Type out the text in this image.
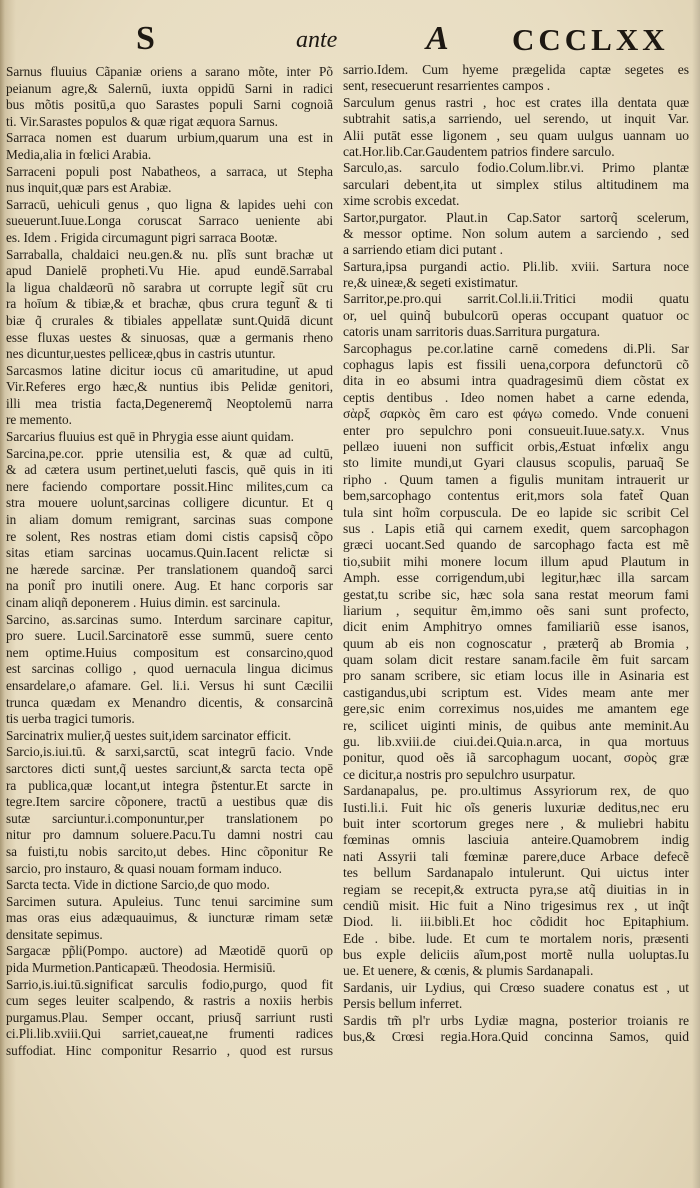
S	ante	A CCCLXX
Sarnus fluuius Cãpaniæ oriens a sarano mõte, inter Põ
peianum agre,& Salernū, iuxta oppidū Sarni in radici
bus mõtis positū,a quo Sarastes populi Sarni cognoiã
ti. Vir.Sarastes populos & quæ rigat æquora Sarnus.
Sarraca nomen est duarum urbium,quarum una est in
Media,alia in fœlici Arabia.
Sarraceni populi post Nabatheos, a sarraca, ut Stepha
nus inquit,quæ pars est Arabiæ.
Sarracū, uehiculi genus , quo ligna & lapides uehi con
sueuerunt.Iuue.Longa coruscat Sarraco ueniente abi
es. Idem . Frigida circumagunt pigri sarraca Bootæ.
Sarraballa, chaldaici neu.gen.& nu. plĩs sunt brachæ ut
apud Danielē propheti.Vu Hie. apud eundē.Sarrabal
la ligua chaldæorū nõ sarabra ut corrupte legit̃ sūt cru
ra hoīum & tibiæ,& et brachæ, qbus crura tegunt̃ & ti
biæ q̃ crurales & tibiales appellatæ sunt.Quidā dicunt
esse fluxas uestes & sinuosas, quæ a germanis rheno
nes dicuntur,uestes pelliceæ,qbus in castris utuntur.
Sarcasmos latine dicitur iocus cū amaritudine, ut apud
Vir.Referes ergo hæc,& nuntius ibis Pelidæ genitori,
illi mea tristia facta,Degeneremq̃ Neoptolemū narra
re memento.
Sarcarius fluuius est quē in Phrygia esse aiunt quidam.
Sarcina,pe.cor. pprie utensilia est, & quæ ad cultū,
& ad cætera usum pertinet,ueluti fascis, quē quis in iti
nere faciendo comportare possit.Hinc milites,cum ca
stra mouere uolunt,sarcinas colligere dicuntur. Et q
in aliam domum remigrant, sarcinas suas compone
re solent, Res nostras etiam domi cistis capsisq̃ cõpo
sitas etiam sarcinas uocamus.Quin.Iacent relictæ si
ne hærede sarcinæ. Per translationem quandoq̃ sarci
na ponit̃ pro inutili onere. Aug. Et hanc corporis sar
cinam aliqñ deponerem . Huius dimin. est sarcinula.
Sarcino, as.sarcinas sumo. Interdum sarcinare capitur,
pro suere. Lucil.Sarcinatorē esse summū, suere cento
nem optime.Huius compositum est consarcino,quod
est sarcinas colligo , quod uernacula lingua dicimus
ensardelare,o afamare. Gel. li.i. Versus hi sunt Cæcilii
trunca quædam ex Menandro dicentis, & consarcinã
tis uerba tragici tumoris.
Sarcinatrix mulier,q̃ uestes suit,idem sarcinator efficit.
Sarcio,is.iui.tū. & sarxi,sarctū, scat integrū facio. Vnde
sarctores dicti sunt,q̃ uestes sarciunt,& sarcta tecta opē
ra publica,quæ locant,ut integra p̃stentur.Et sarcte in
tegre.Item sarcire cõponere, tractū a uestibus quæ dis
sutæ sarciuntur.i.componuntur,per translationem po
nitur pro damnum soluere.Pacu.Tu damni nostri cau
sa fuisti,tu nobis sarcito,ut debes. Hinc cõponitur Re
sarcio, pro instauro, & quasi nouam formam induco.
Sarcta tecta. Vide in dictione Sarcio,de quo modo.
Sarcimen sutura. Apuleius. Tunc tenui sarcimine sum
mas oras eius adæquauimus, & iuncturæ rimam setæ
densitate sepimus.
Sargacæ pp̃li(Pompo. auctore) ad Mæotidē quorū op
pida Murmetion.Panticapæū. Theodosia. Hermisiū.
Sarrio,is.iui.tū.significat sarculis fodio,purgo, quod fit
cum seges leuiter scalpendo, & rastris a noxiis herbis
purgamus.Plau. Semper occant, priusq̃ sarriunt rusti
ci.Pli.lib.xviii.Qui sarriet,caueat,ne frumenti radices
suffodiat. Hinc componitur Resarrio , quod est rursus
sarrio.Idem. Cum hyeme prægelida captæ segetes es
sent, resecuerunt resarrientes campos .
Sarculum genus rastri , hoc est crates illa dentata quæ
subtrahit satis,a sarriendo, uel serendo, ut inquit Var.
Alii putāt esse ligonem , seu quam uulgus uannam uo
cat.Hor.lib.Car.Gaudentem patrios findere sarculo.
Sarculo,as. sarculo fodio.Colum.libr.vi. Primo plantæ
sarculari debent,ita ut simplex stilus altitudinem ma
xime scrobis excedat.
Sartor,purgator. Plaut.in Cap.Sator sartorq̃ scelerum,
& messor optime. Non solum autem a sarciendo , sed
a sarriendo etiam dici putant .
Sartura,ipsa purgandi actio. Pli.lib. xviii. Sartura noce
re,& uineæ,& segeti existimatur.
Sarritor,pe.pro.qui sarrit.Col.li.ii.Tritici modii quatu
or, uel quinq̃ bubulcorū operas occupant quatuor oc
catoris unam sarritoris duas.Sarritura purgatura.
Sarcophagus pe.cor.latine carnē comedens di.Pli. Sar
cophagus lapis est fissili uena,corpora defunctorū cõ
dita in eo absumi intra quadragesimū diem cõstat ex
ceptis dentibus . Ideo nomen habet a carne edenda,
σὰρξ σαρκὸς ẽm caro est φάγω comedo. Vnde conueni
enter pro sepulchro poni consueuit.Iuue.saty.x. Vnus
pellæo iuueni non sufficit orbis,Æstuat infœlix angu
sto limite mundi,ut Gyari clausus scopulis, paruaq̃ Se
ripho . Quum tamen a figulis munitam intrauerit ur
bem,sarcophago contentus erit,mors sola fatet̃ Quan
tula sint hoĩm corpuscula. De eo lapide sic scribit Cel
sus . Lapis etiã qui carnem exedit, quem sarcophagon
græci uocant.Sed quando de sarcophago facta est mẽ
tio,subiit mihi monere locum illum apud Plautum in
Amph. esse corrigendum,ubi legitur,hæc illa sarcam
gestat,tu scribe sic, hæc sola sana restat meorum fami
liarium , sequitur ẽm,immo oẽs sani sunt profecto,
dicit enim Amphitryo omnes familiariũ esse isanos,
quum ab eis non cognoscatur , præterq̃ ab Bromia ,
quam solam dicit restare sanam.facile ẽm fuit sarcam
pro sanam scribere, sic etiam locus ille in Asinaria est
castigandus,ubi scriptum est. Vides meam ante mer
gere,sic enim correximus nos,uides me amantem ege
re, scilicet uiginti minis, de quibus ante meminit.Au
gu. lib.xviii.de ciui.dei.Quia.n.arca, in qua mortuus
ponitur, quod oẽs iã sarcophagum uocant, σορὸς græ
ce dicitur,a nostris pro sepulchro usurpatur.
Sardanapalus, pe. pro.ultimus Assyriorum rex, de quo
Iusti.li.i. Fuit hic oĩs generis luxuriæ deditus,nec eru
buit inter scortorum greges nere , & muliebri habitu
fœminas omnis lasciuia anteire.Quamobrem indig
nati Assyrii tali fœminæ parere,duce Arbace defecẽ
tes bellum Sardanapalo intulerunt. Qui uictus inter
regiam se recepit,& extructa pyra,se atq̃ diuitias in in
cendiũ misit. Hic fuit a Nino trigesimus rex , ut inq̃t
Diod. li. iii.bibli.Et hoc cõdidit hoc Epitaphium.
Ede . bibe. lude. Et cum te mortalem noris, præsenti
bus exple deliciis aĩum,post mortẽ nulla uoluptas.Iu
ue. Et uenere, & cœnis, & plumis Sardanapali.
Sardanis, uir Lydius, qui Crœso suadere conatus est , ut
Persis bellum inferret.
Sardis tm̃ pl'r urbs Lydiæ magna, posterior troianis re
bus,& Crœsi regia.Hora.Quid concinna Samos, quid
